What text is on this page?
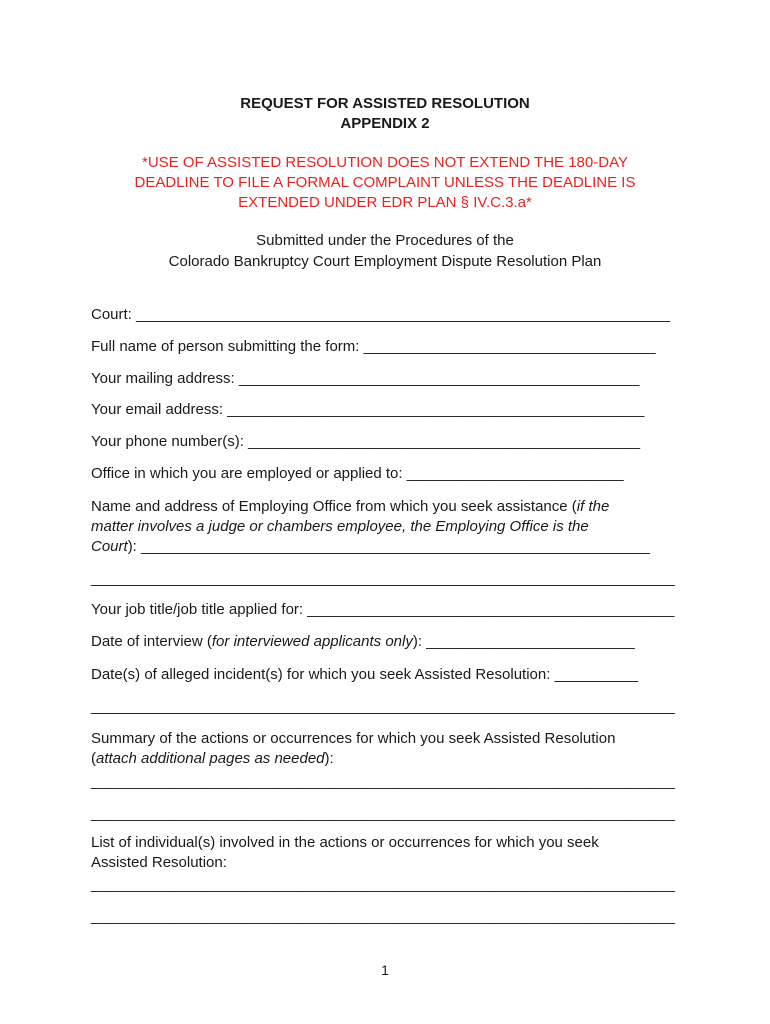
REQUEST FOR ASSISTED RESOLUTION
APPENDIX 2
*USE OF ASSISTED RESOLUTION DOES NOT EXTEND THE 180-DAY
DEADLINE TO FILE A FORMAL COMPLAINT UNLESS THE DEADLINE IS
EXTENDED UNDER EDR PLAN § IV.C.3.a*
Submitted under the Procedures of the
Colorado Bankruptcy Court Employment Dispute Resolution Plan
Court: ________________________________________________________________
Full name of person submitting the form: ___________________________________
Your mailing address: ________________________________________________
Your email address: __________________________________________________
Your phone number(s): _______________________________________________
Office in which you are employed or applied to: __________________________
Name and address of Employing Office from which you seek assistance (if the
matter involves a judge or chambers employee, the Employing Office is the
Court): _____________________________________________________________
______________________________________________________________________
Your job title/job title applied for: ____________________________________________
Date of interview (for interviewed applicants only): _________________________
Date(s) of alleged incident(s) for which you seek Assisted Resolution: __________
______________________________________________________________________
Summary of the actions or occurrences for which you seek Assisted Resolution
(attach additional pages as needed):
______________________________________________________________________
______________________________________________________________________
List of individual(s) involved in the actions or occurrences for which you seek
Assisted Resolution:
______________________________________________________________________
______________________________________________________________________
1
